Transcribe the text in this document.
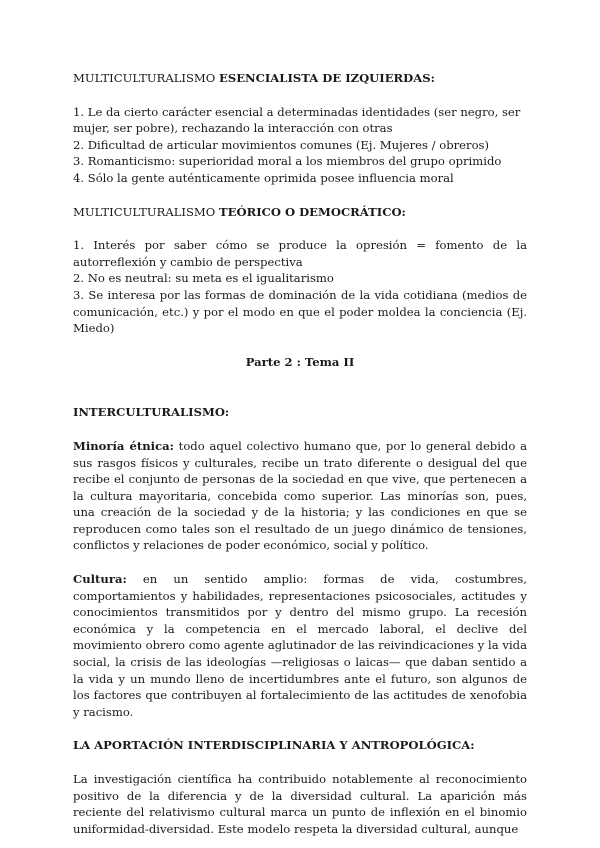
MULTICULTURALISMO ESENCIALISTA DE IZQUIERDAS:

1. Le da cierto carácter esencial a determinadas identidades (ser negro, ser mujer, ser pobre), rechazando la interacción con otras
2. Dificultad de articular movimientos comunes (Ej. Mujeres / obreros)
3. Romanticismo: superioridad moral a los miembros del grupo oprimido
4. Sólo la gente auténticamente oprimida posee influencia moral

MULTICULTURALISMO TEÓRICO O DEMOCRÁTICO:

1. Interés por saber cómo se produce la opresión = fomento de la autorreflexión y cambio de perspectiva
2. No es neutral: su meta es el igualitarismo
3. Se interesa por las formas de dominación de la vida cotidiana (medios de comunicación, etc.) y por el modo en que el poder moldea la conciencia (Ej. Miedo)

Parte 2 : Tema II

INTERCULTURALISMO:

Minoría étnica: todo aquel colectivo humano que, por lo general debido a sus rasgos físicos y culturales, recibe un trato diferente o desigual del que recibe el conjunto de personas de la sociedad en que vive, que pertenecen a la cultura mayoritaria, concebida como superior. Las minorías son, pues, una creación de la sociedad y de la historia; y las condiciones en que se reproducen como tales son el resultado de un juego dinámico de tensiones, conflictos y relaciones de poder económico, social y político.

Cultura: en un sentido amplio: formas de vida, costumbres, comportamientos y habilidades, representaciones psicosociales, actitudes y conocimientos transmitidos por y dentro del mismo grupo. La recesión económica y la competencia en el mercado laboral, el declive del movimiento obrero como agente aglutinador de las reivindicaciones y la vida social, la crisis de las ideologías —religiosas o laicas— que daban sentido a la vida y un mundo lleno de incertidumbres ante el futuro, son algunos de los factores que contribuyen al fortalecimiento de las actitudes de xenofobia y racismo.

LA APORTACIÓN INTERDISCIPLINARIA Y ANTROPOLÓGICA:

La investigación científica ha contribuido notablemente al reconocimiento positivo de la diferencia y de la diversidad cultural. La aparición más reciente del relativismo cultural marca un punto de inflexión en el binomio uniformidad-diversidad. Este modelo respeta la diversidad cultural, aunque
